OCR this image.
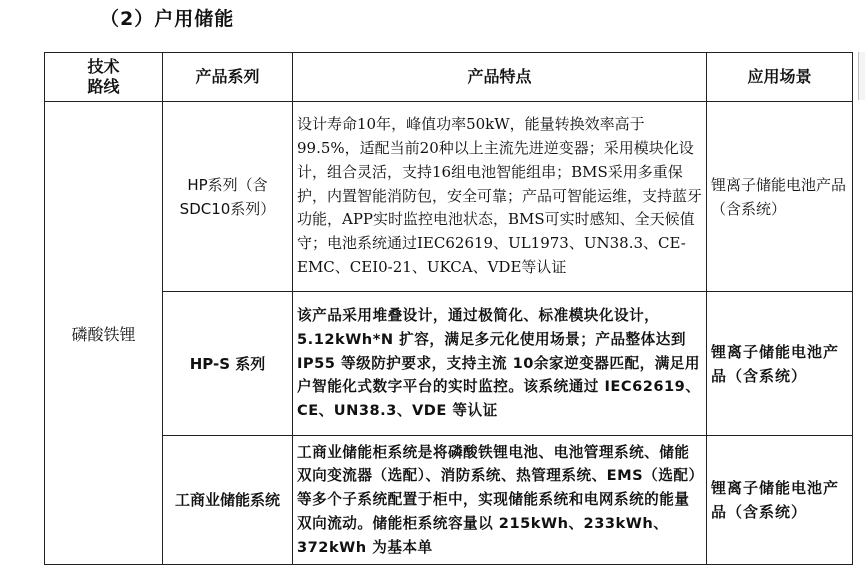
（2）户用储能
技术
路线	产品系列	产品特点	应用场景
磷酸铁锂	HP系列（含
SDC10系列）	设计寿命10年，峰值功率50kW，能量转换效率高于99.5%，适配当前20种以上主流先进逆变器；采用模块化设计，组合灵活，支持16组电池智能组串；BMS采用多重保护，内置智能消防包，安全可靠；产品可智能运维，支持蓝牙功能，APP实时监控电池状态，BMS可实时感知、全天候值守；电池系统通过IEC62619、UL1973、UN38.3、CE-EMC、CEI0-21、UKCA、VDE等认证	锂离子储能电池产品（含系统）
	HP-S 系列	该产品采用堆叠设计，通过极简化、标准模块化设计，5.12kWh*N 扩容，满足多元化使用场景；产品整体达到 IP55 等级防护要求，支持主流 10余家逆变器匹配，满足用户智能化式数字平台的实时监控。该系统通过 IEC62619、CE、UN38.3、VDE 等认证	锂离子储能电池产品（含系统）
	工商业储能系统	工商业储能柜系统是将磷酸铁锂电池、电池管理系统、储能双向变流器（选配）、消防系统、热管理系统、EMS（选配）等多个子系统配置于柜中，实现储能系统和电网系统的能量双向流动。储能柜系统容量以 215kWh、233kWh、372kWh 为基本单	锂离子储能电池产品（含系统）
